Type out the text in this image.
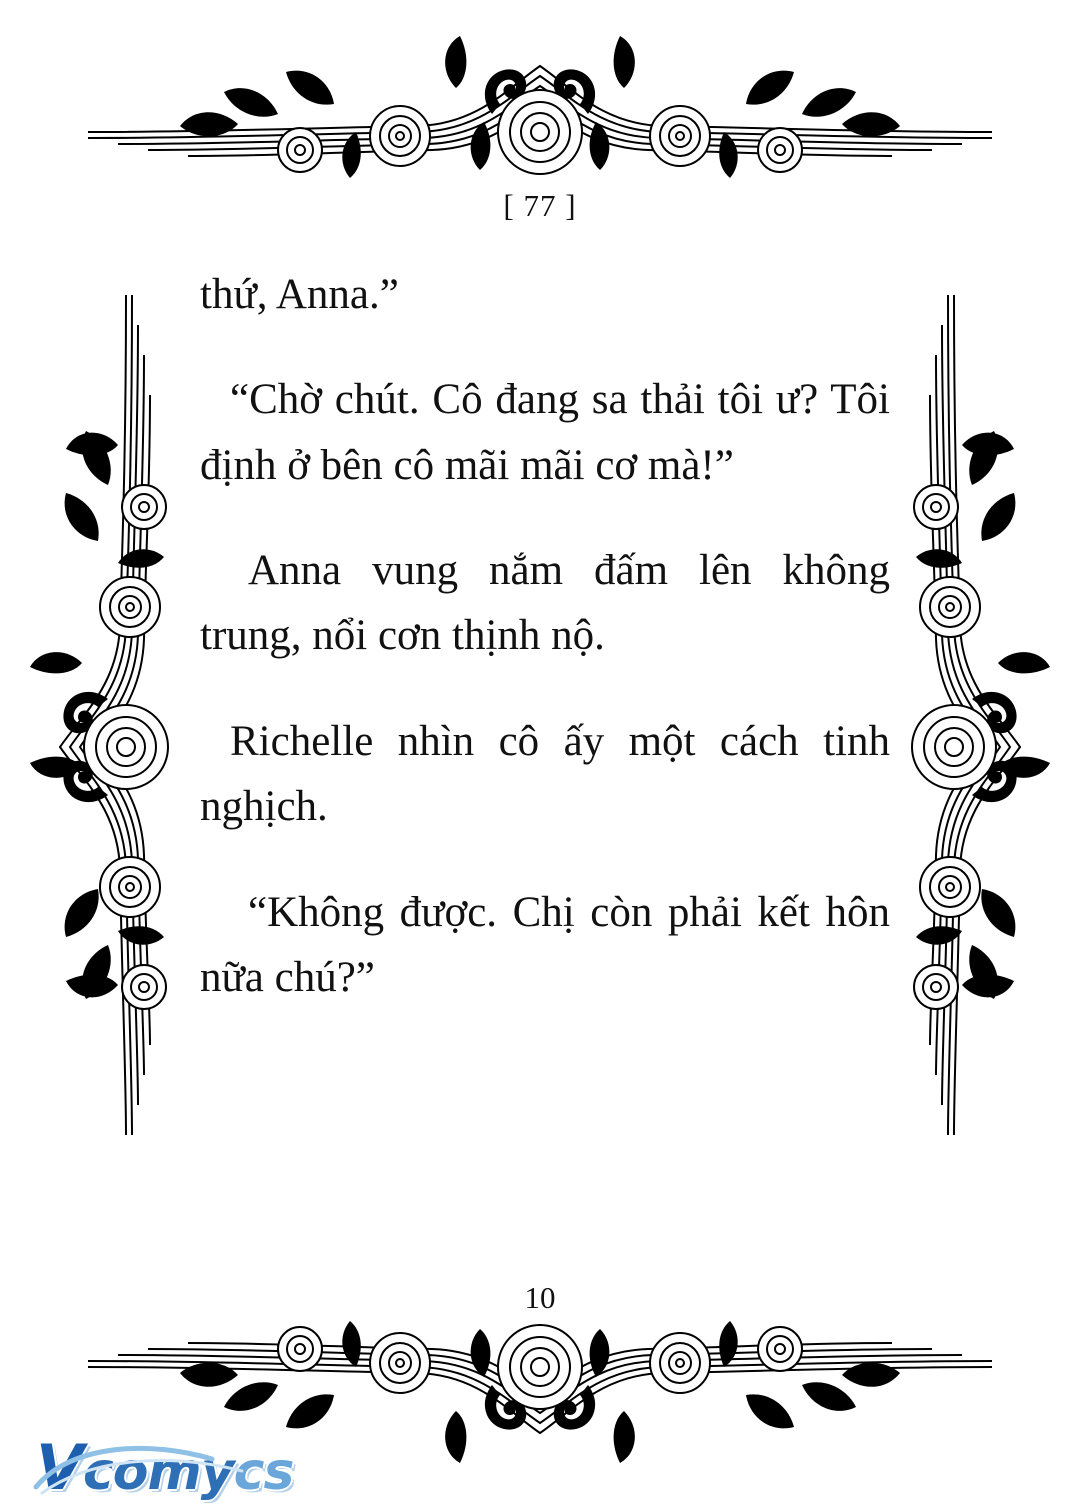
[ 77 ]

thứ, Anna.”

“Chờ chút. Cô đang sa thải tôi ư? Tôi định ở bên cô mãi mãi cơ mà!”

Anna vung nắm đấm lên không trung, nổi cơn thịnh nộ.

Richelle nhìn cô ấy một cách tinh nghịch.

“Không được. Chị còn phải kết hôn nữa chú?”

10
Vcomycs
